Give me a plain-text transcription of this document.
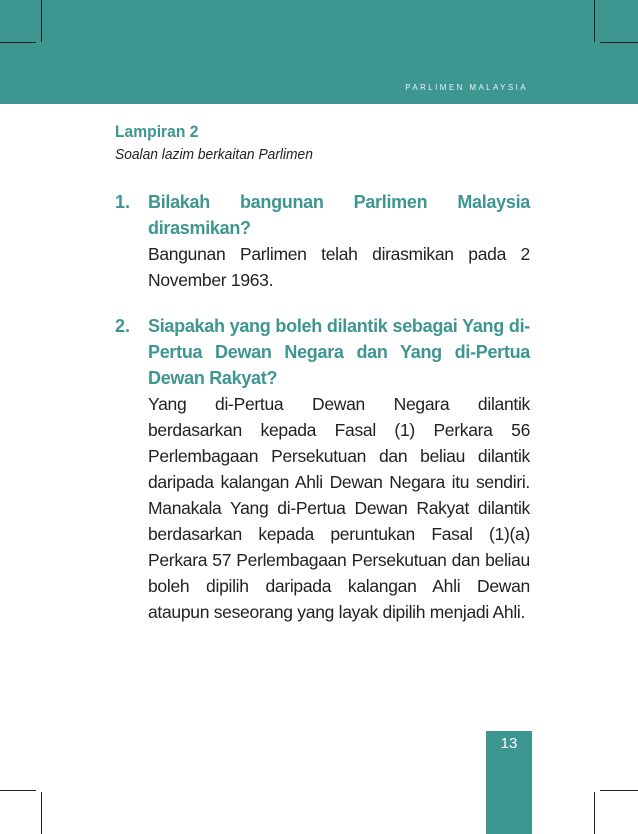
PARLIMEN MALAYSIA
Lampiran 2
Soalan lazim berkaitan Parlimen
1. Bilakah bangunan Parlimen Malaysia dirasmikan?
Bangunan Parlimen telah dirasmikan pada 2 November 1963.
2. Siapakah yang boleh dilantik sebagai Yang di-Pertua Dewan Negara dan Yang di-Pertua Dewan Rakyat?
Yang di-Pertua Dewan Negara dilantik berdasarkan kepada Fasal (1) Perkara 56 Perlembagaan Persekutuan dan beliau dilantik daripada kalangan Ahli Dewan Negara itu sendiri. Manakala Yang di-Pertua Dewan Rakyat dilantik berdasarkan kepada peruntukan Fasal (1)(a) Perkara 57 Perlembagaan Persekutuan dan beliau boleh dipilih daripada kalangan Ahli Dewan ataupun seseorang yang layak dipilih menjadi Ahli.
13
